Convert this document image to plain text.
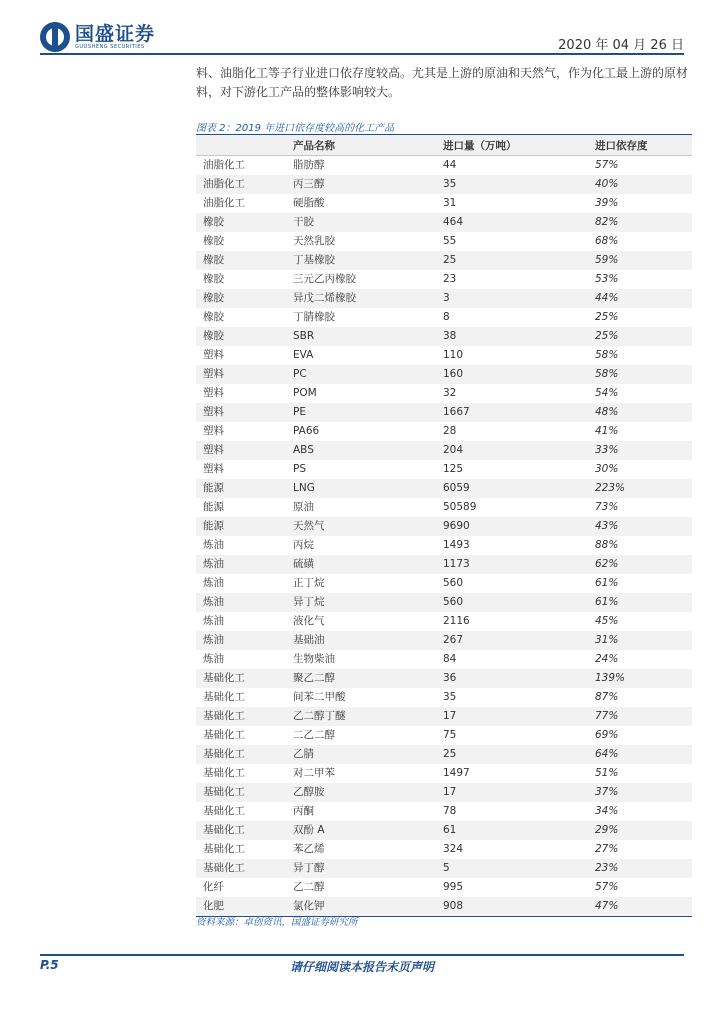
国盛证券
GUOSHENG SECURITIES	2020 年 04 月 26 日
料、油脂化工等子行业进口依存度较高。尤其是上游的原油和天然气，作为化工最上游的原材料，对下游化工产品的整体影响较大。
图表 2：2019 年进口依存度较高的化工产品
	产品名称	进口量（万吨）	进口依存度
油脂化工	脂肪醇	44	57%
油脂化工	丙三醇	35	40%
油脂化工	硬脂酸	31	39%
橡胶	干胶	464	82%
橡胶	天然乳胶	55	68%
橡胶	丁基橡胶	25	59%
橡胶	三元乙丙橡胶	23	53%
橡胶	异戊二烯橡胶	3	44%
橡胶	丁腈橡胶	8	25%
橡胶	SBR	38	25%
塑料	EVA	110	58%
塑料	PC	160	58%
塑料	POM	32	54%
塑料	PE	1667	48%
塑料	PA66	28	41%
塑料	ABS	204	33%
塑料	PS	125	30%
能源	LNG	6059	223%
能源	原油	50589	73%
能源	天然气	9690	43%
炼油	丙烷	1493	88%
炼油	硫磺	1173	62%
炼油	正丁烷	560	61%
炼油	异丁烷	560	61%
炼油	液化气	2116	45%
炼油	基础油	267	31%
炼油	生物柴油	84	24%
基础化工	聚乙二醇	36	139%
基础化工	间苯二甲酸	35	87%
基础化工	乙二醇丁醚	17	77%
基础化工	二乙二醇	75	69%
基础化工	乙腈	25	64%
基础化工	对二甲苯	1497	51%
基础化工	乙醇胺	17	37%
基础化工	丙酮	78	34%
基础化工	双酚 A	61	29%
基础化工	苯乙烯	324	27%
基础化工	异丁醇	5	23%
化纤	乙二醇	995	57%
化肥	氯化钾	908	47%
资料来源：卓创资讯，国盛证券研究所
请仔细阅读本报告末页声明
P.5
